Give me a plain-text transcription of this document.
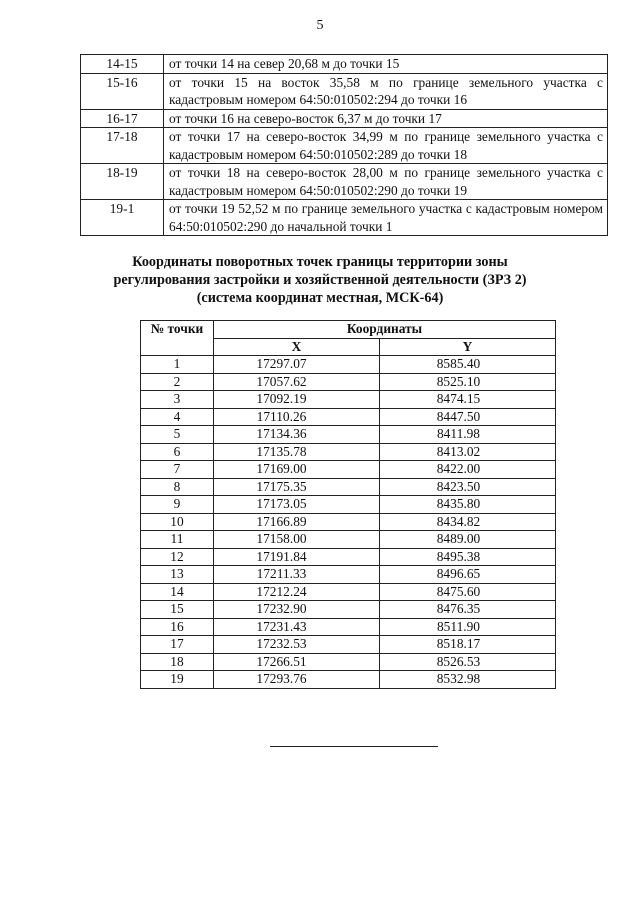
5
14-15	от точки 14 на север 20,68 м до точки 15
15-16	от точки 15 на восток 35,58 м по границе земельного участка с кадастровым номером 64:50:010502:294 до точки 16
16-17	от точки 16 на северо-восток 6,37 м до точки 17
17-18	от точки 17 на северо-восток 34,99 м по границе земельного участка с кадастровым номером 64:50:010502:289 до точки 18
18-19	от точки 18 на северо-восток 28,00 м по границе земельного участка с кадастровым номером 64:50:010502:290 до точки 19
19-1	от точки 19 52,52 м по границе земельного участка с кадастровым номером 64:50:010502:290 до начальной точки 1
Координаты поворотных точек границы территории зоны
регулирования застройки и хозяйственной деятельности (ЗРЗ 2)
(система координат местная, МСК-64)
№ точки	Координаты	
	X	Y
1	17297.07	8585.40
2	17057.62	8525.10
3	17092.19	8474.15
4	17110.26	8447.50
5	17134.36	8411.98
6	17135.78	8413.02
7	17169.00	8422.00
8	17175.35	8423.50
9	17173.05	8435.80
10	17166.89	8434.82
11	17158.00	8489.00
12	17191.84	8495.38
13	17211.33	8496.65
14	17212.24	8475.60
15	17232.90	8476.35
16	17231.43	8511.90
17	17232.53	8518.17
18	17266.51	8526.53
19	17293.76	8532.98
